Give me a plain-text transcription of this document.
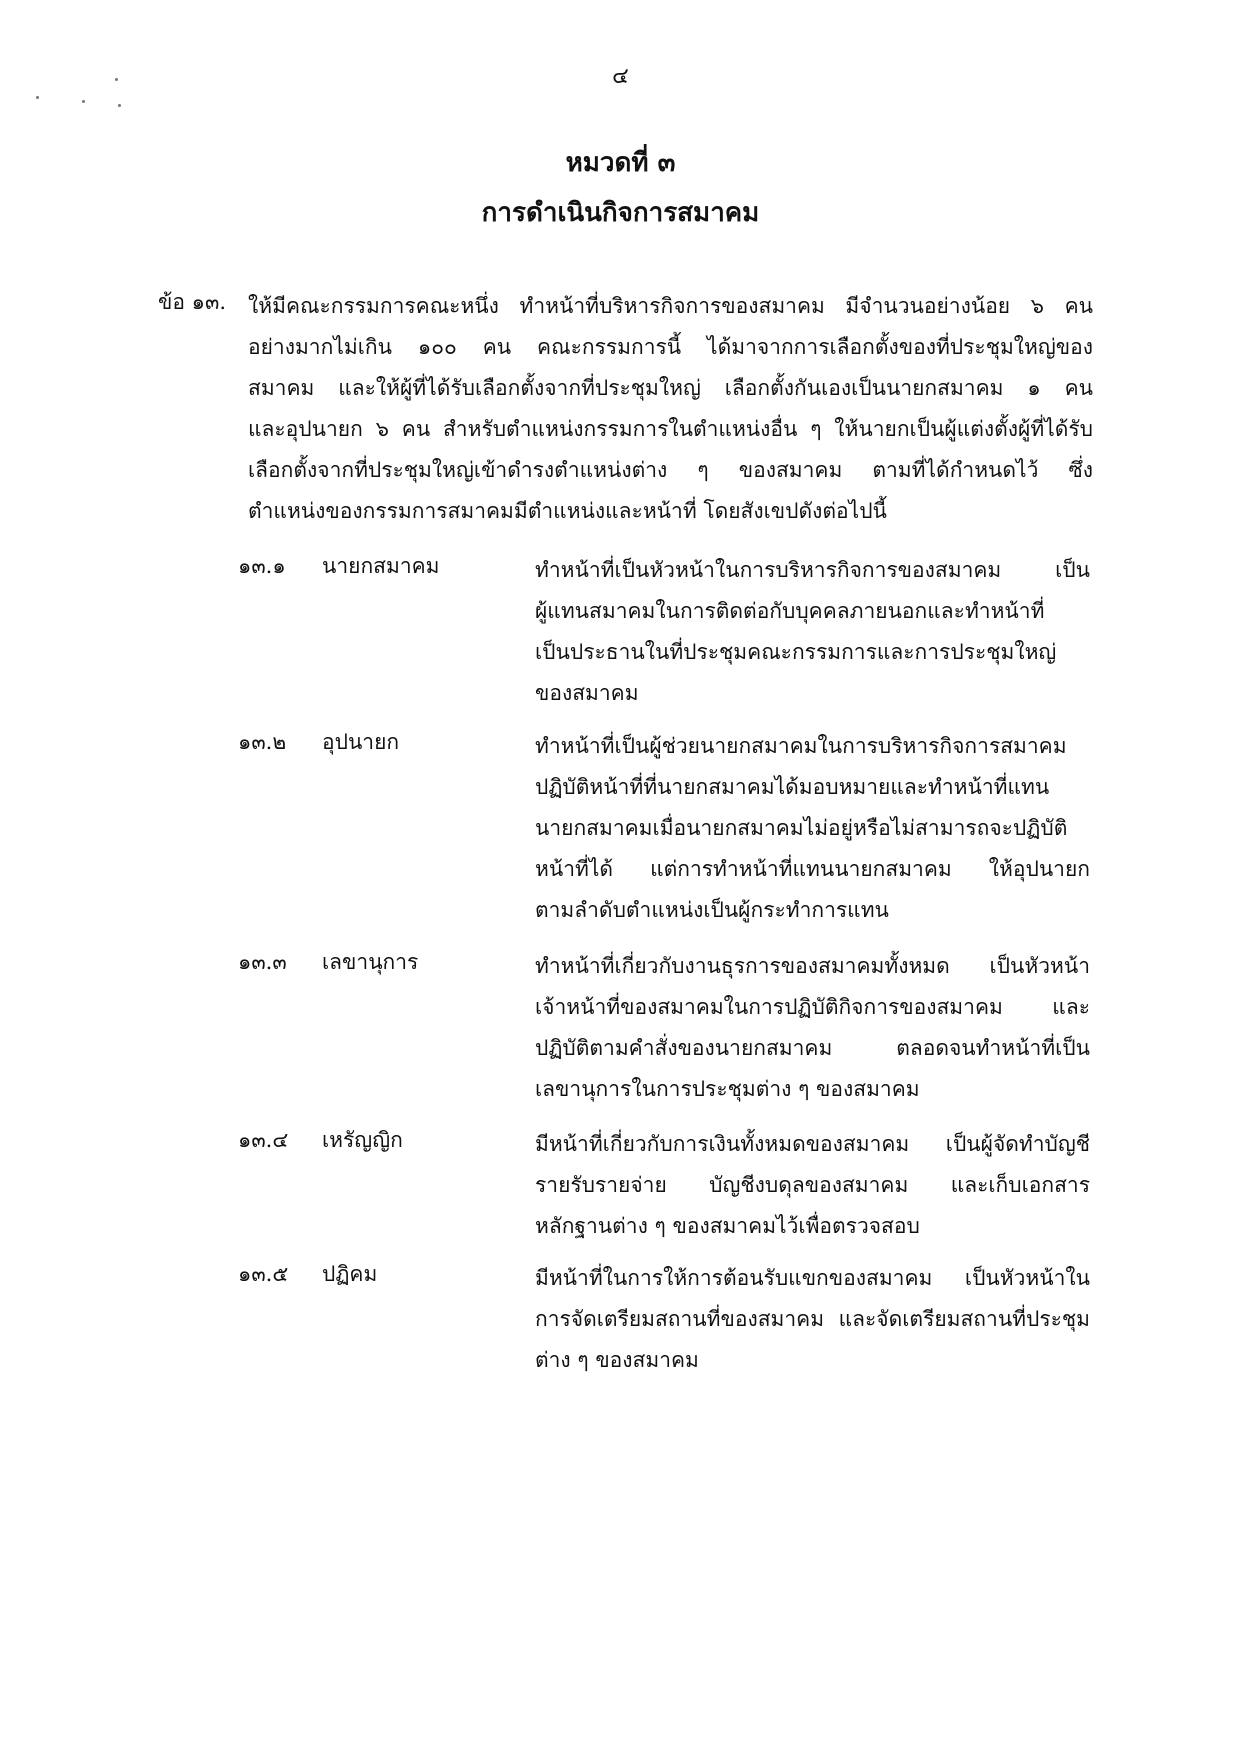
๔
หมวดที่ ๓
การดำเนินกิจการสมาคม
ข้อ ๑๓. ให้มีคณะกรรมการคณะหนึ่ง ทำหน้าที่บริหารกิจการของสมาคม มีจำนวนอย่างน้อย ๖ คน
อย่างมากไม่เกิน ๑๐๐ คน คณะกรรมการนี้ ได้มาจากการเลือกตั้งของที่ประชุมใหญ่ของ
สมาคม และให้ผู้ที่ได้รับเลือกตั้งจากที่ประชุมใหญ่ เลือกตั้งกันเองเป็นนายกสมาคม ๑ คน
และอุปนายก ๖ คน สำหรับตำแหน่งกรรมการในตำแหน่งอื่น ๆ ให้นายกเป็นผู้แต่งตั้งผู้ที่ได้รับ
เลือกตั้งจากที่ประชุมใหญ่เข้าดำรงตำแหน่งต่าง ๆ ของสมาคม ตามที่ได้กำหนดไว้ ซึ่ง
ตำแหน่งของกรรมการสมาคมมีตำแหน่งและหน้าที่ โดยสังเขปดังต่อไปนี้
๑๓.๑ นายกสมาคม	ทำหน้าที่เป็นหัวหน้าในการบริหารกิจการของสมาคม เป็น
ผู้แทนสมาคมในการติดต่อกับบุคคลภายนอกและทำหน้าที่
เป็นประธานในที่ประชุมคณะกรรมการและการประชุมใหญ่
ของสมาคม
๑๓.๒ อุปนายก	ทำหน้าที่เป็นผู้ช่วยนายกสมาคมในการบริหารกิจการสมาคม
ปฏิบัติหน้าที่ที่นายกสมาคมได้มอบหมายและทำหน้าที่แทน
นายกสมาคมเมื่อนายกสมาคมไม่อยู่หรือไม่สามารถจะปฏิบัติ
หน้าที่ได้ แต่การทำหน้าที่แทนนายกสมาคม ให้อุปนายก
ตามลำดับตำแหน่งเป็นผู้กระทำการแทน
๑๓.๓ เลขานุการ	ทำหน้าที่เกี่ยวกับงานธุรการของสมาคมทั้งหมด เป็นหัวหน้า
เจ้าหน้าที่ของสมาคมในการปฏิบัติกิจการของสมาคม และ
ปฏิบัติตามคำสั่งของนายกสมาคม ตลอดจนทำหน้าที่เป็น
เลขานุการในการประชุมต่าง ๆ ของสมาคม
๑๓.๔ เหรัญญิก	มีหน้าที่เกี่ยวกับการเงินทั้งหมดของสมาคม เป็นผู้จัดทำบัญชี
รายรับรายจ่าย บัญชีงบดุลของสมาคม และเก็บเอกสาร
หลักฐานต่าง ๆ ของสมาคมไว้เพื่อตรวจสอบ
๑๓.๕ ปฏิคม	มีหน้าที่ในการให้การต้อนรับแขกของสมาคม เป็นหัวหน้าใน
การจัดเตรียมสถานที่ของสมาคม และจัดเตรียมสถานที่ประชุม
ต่าง ๆ ของสมาคม
